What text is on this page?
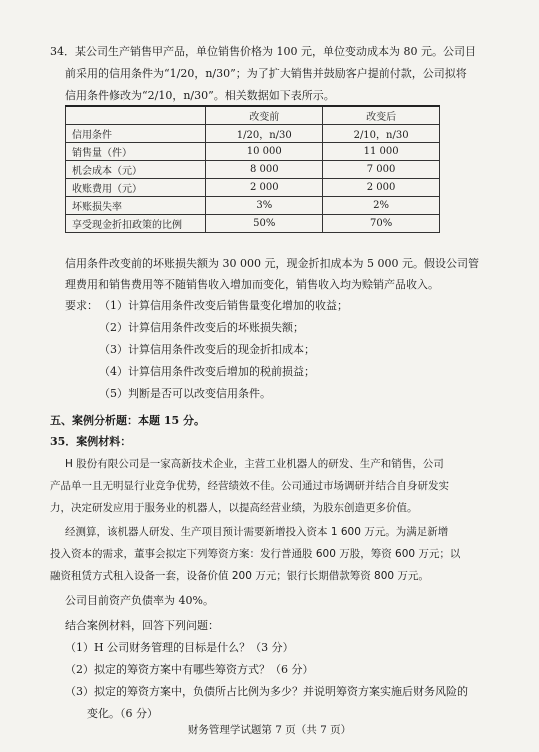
34．某公司生产销售甲产品，单位销售价格为 100 元，单位变动成本为 80 元。公司目
前采用的信用条件为“1/20，n/30”；为了扩大销售并鼓励客户提前付款，公司拟将
信用条件修改为“2/10，n/30”。相关数据如下表所示。
	改变前	改变后
信用条件	1/20，n/30	2/10，n/30
销售量（件）	10 000	11 000
机会成本（元）	8 000	7 000
收账费用（元）	2 000	2 000
坏账损失率	3%	2%
享受现金折扣政策的比例	50%	70%
信用条件改变前的坏账损失额为 30 000 元，现金折扣成本为 5 000 元。假设公司管
理费用和销售费用等不随销售收入增加而变化，销售收入均为赊销产品收入。
要求： （1）计算信用条件改变后销售量变化增加的收益；
（2）计算信用条件改变后的坏账损失额；
（3）计算信用条件改变后的现金折扣成本；
（4）计算信用条件改变后增加的税前损益；
（5）判断是否可以改变信用条件。
五、案例分析题：本题 15 分。
35．案例材料：
H 股份有限公司是一家高新技术企业，主营工业机器人的研发、生产和销售，公司
产品单一且无明显行业竞争优势，经营绩效不佳。公司通过市场调研并结合自身研发实
力，决定研发应用于服务业的机器人，以提高经营业绩，为股东创造更多价值。
经测算，该机器人研发、生产项目预计需要新增投入资本 1 600 万元。为满足新增
投入资本的需求，董事会拟定下列筹资方案：发行普通股 600 万股，筹资 600 万元；以
融资租赁方式租入设备一套，设备价值 200 万元；银行长期借款筹资 800 万元。
公司目前资产负债率为 40%。
结合案例材料，回答下列问题：
（1）H 公司财务管理的目标是什么？（3 分）
（2）拟定的筹资方案中有哪些筹资方式？（6 分）
（3）拟定的筹资方案中，负债所占比例为多少？并说明筹资方案实施后财务风险的
变化。（6 分）
财务管理学试题第 7 页（共 7 页）
